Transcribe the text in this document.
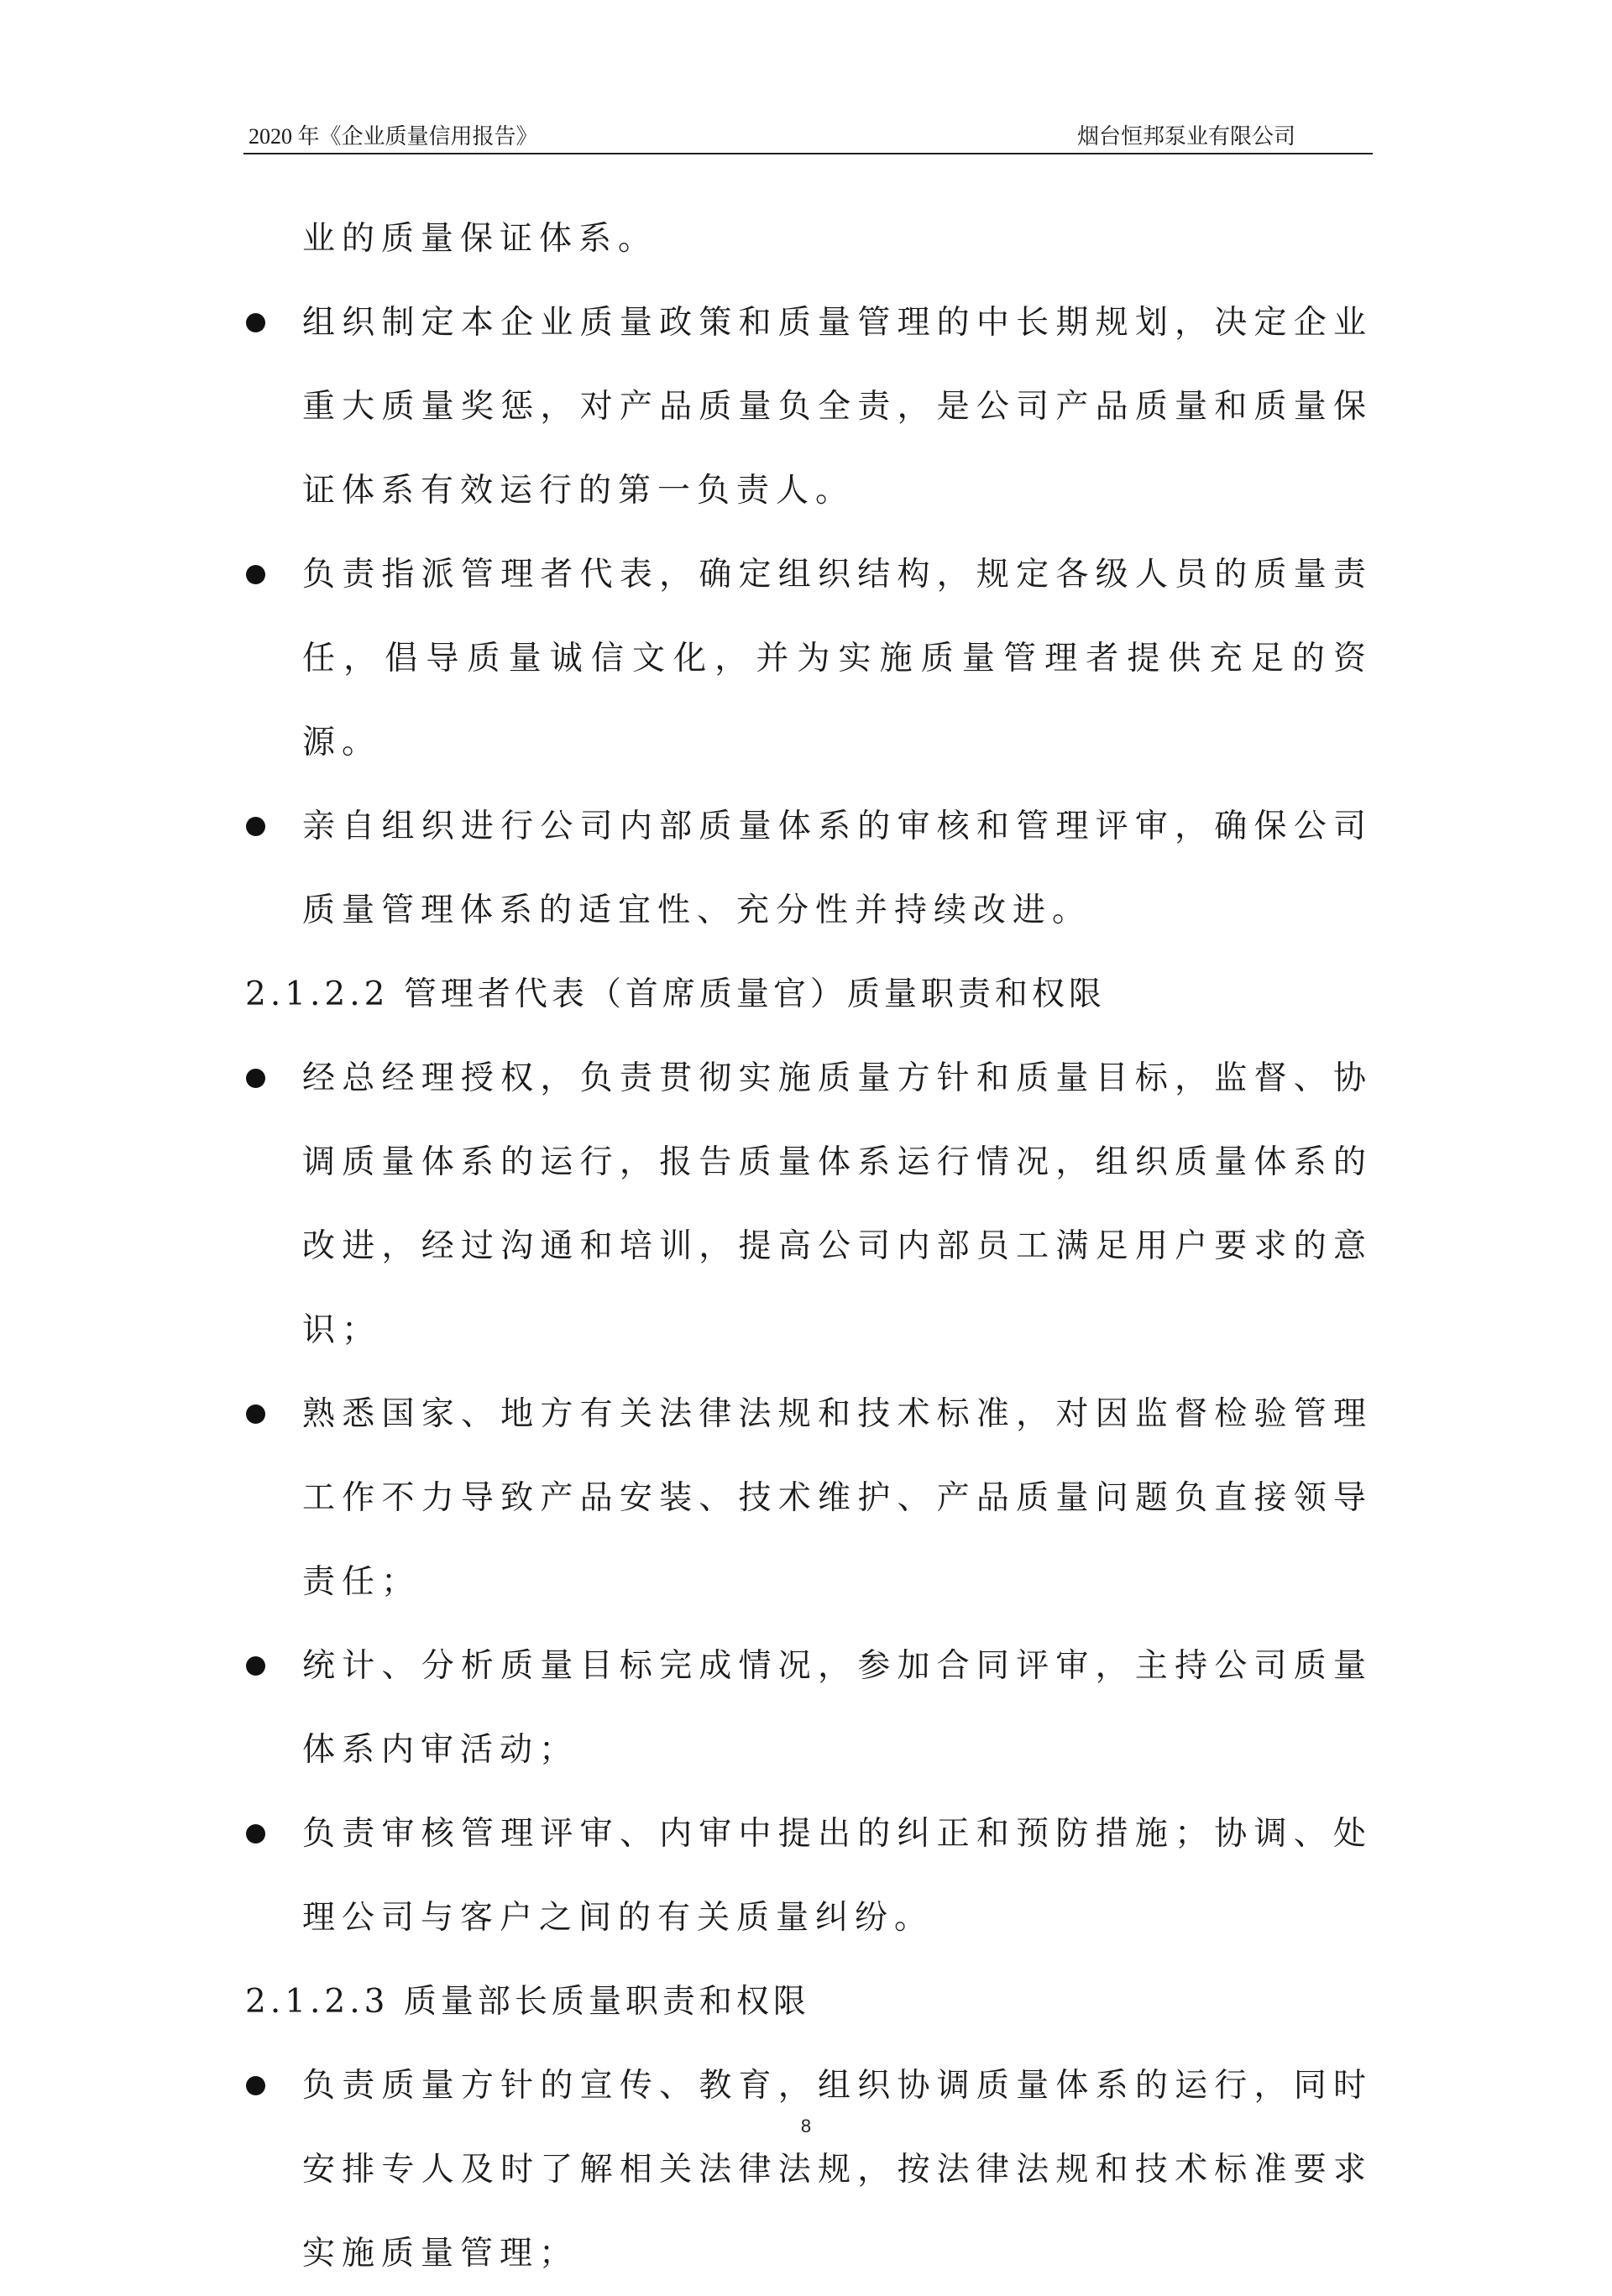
2020 年《企业质量信用报告》	烟台恒邦泵业有限公司

业的质量保证体系。

组织制定本企业质量政策和质量管理的中长期规划，决定企业重大质量奖惩，对产品质量负全责，是公司产品质量和质量保证体系有效运行的第一负责人。
负责指派管理者代表，确定组织结构，规定各级人员的质量责任，倡导质量诚信文化，并为实施质量管理者提供充足的资源。
亲自组织进行公司内部质量体系的审核和管理评审，确保公司质量管理体系的适宜性、充分性并持续改进。

2.1.2.2 管理者代表（首席质量官）质量职责和权限

经总经理授权，负责贯彻实施质量方针和质量目标，监督、协调质量体系的运行，报告质量体系运行情况，组织质量体系的改进，经过沟通和培训，提高公司内部员工满足用户要求的意识；
熟悉国家、地方有关法律法规和技术标准，对因监督检验管理工作不力导致产品安装、技术维护、产品质量问题负直接领导责任；
统计、分析质量目标完成情况，参加合同评审，主持公司质量体系内审活动；
负责审核管理评审、内审中提出的纠正和预防措施；协调、处理公司与客户之间的有关质量纠纷。

2.1.2.3 质量部长质量职责和权限

负责质量方针的宣传、教育，组织协调质量体系的运行，同时安排专人及时了解相关法律法规，按法律法规和技术标准要求实施质量管理；
8
